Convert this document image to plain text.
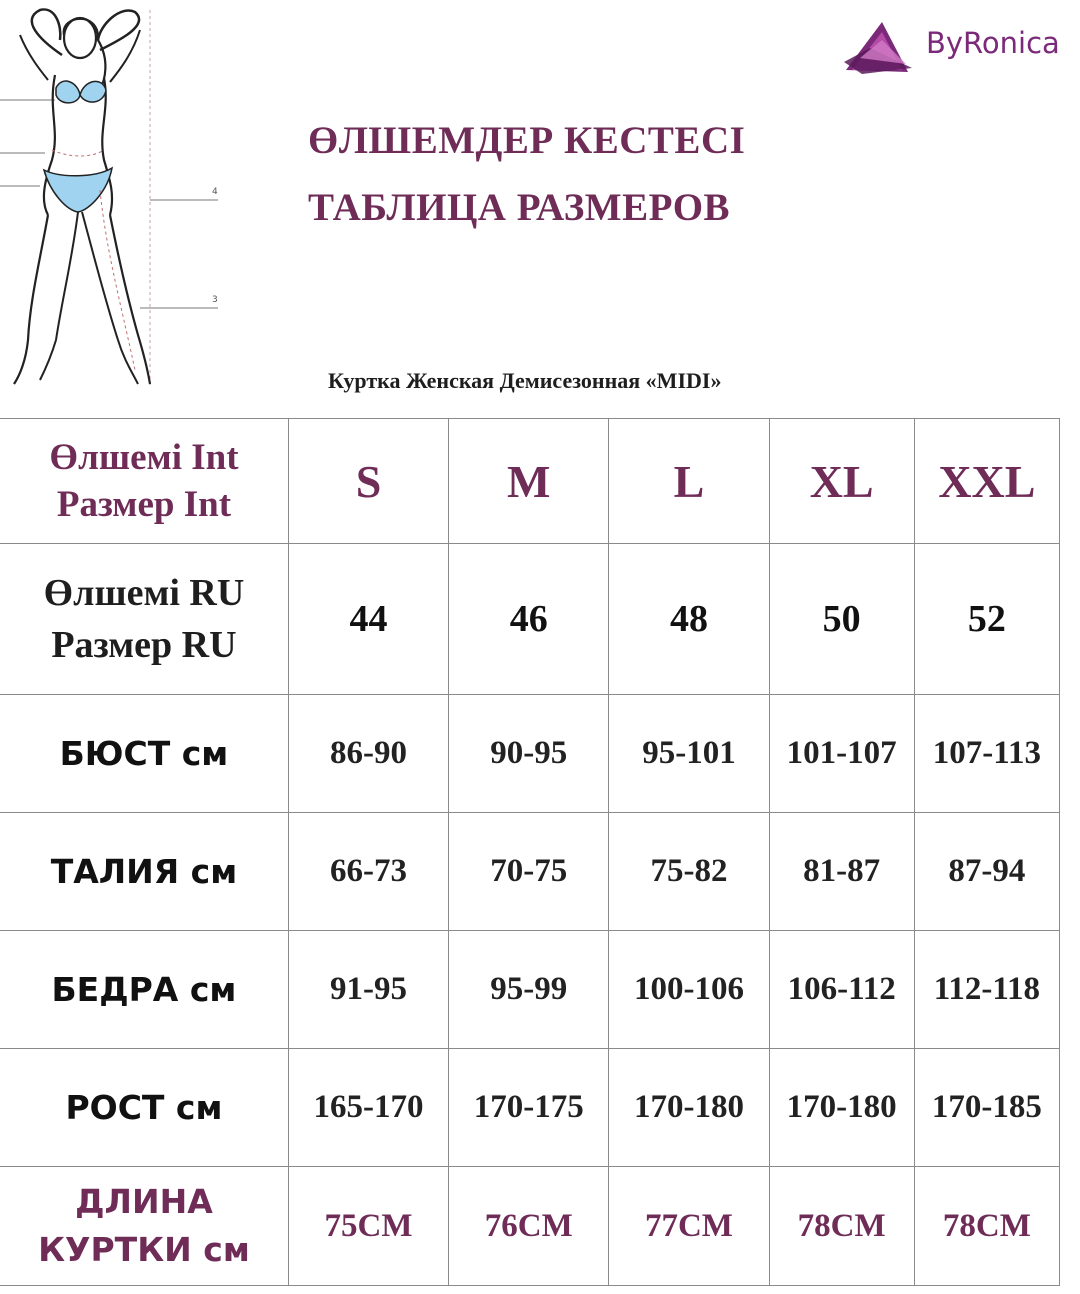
4
3
ByRonica
ӨЛШЕМДЕР КЕСТЕСІ
ТАБЛИЦА РАЗМЕРОВ
Куртка Женская Демисезонная «MIDI»
Өлшемі Int
Размер Int	S	M	L	XL	XXL

Өлшемі RU
Размер RU	44	46	48	50	52
БЮСТ см	86-90	90-95	95-101	101-107	107-113
ТАЛИЯ см	66-73	70-75	75-82	81-87	87-94
БЕДРА см	91-95	95-99	100-106	106-112	112-118
РОСТ см	165-170	170-175	170-180	170-180	170-185

ДЛИНА
КУРТКИ см	75СМ	76СМ	77СМ	78СМ	78СМ
